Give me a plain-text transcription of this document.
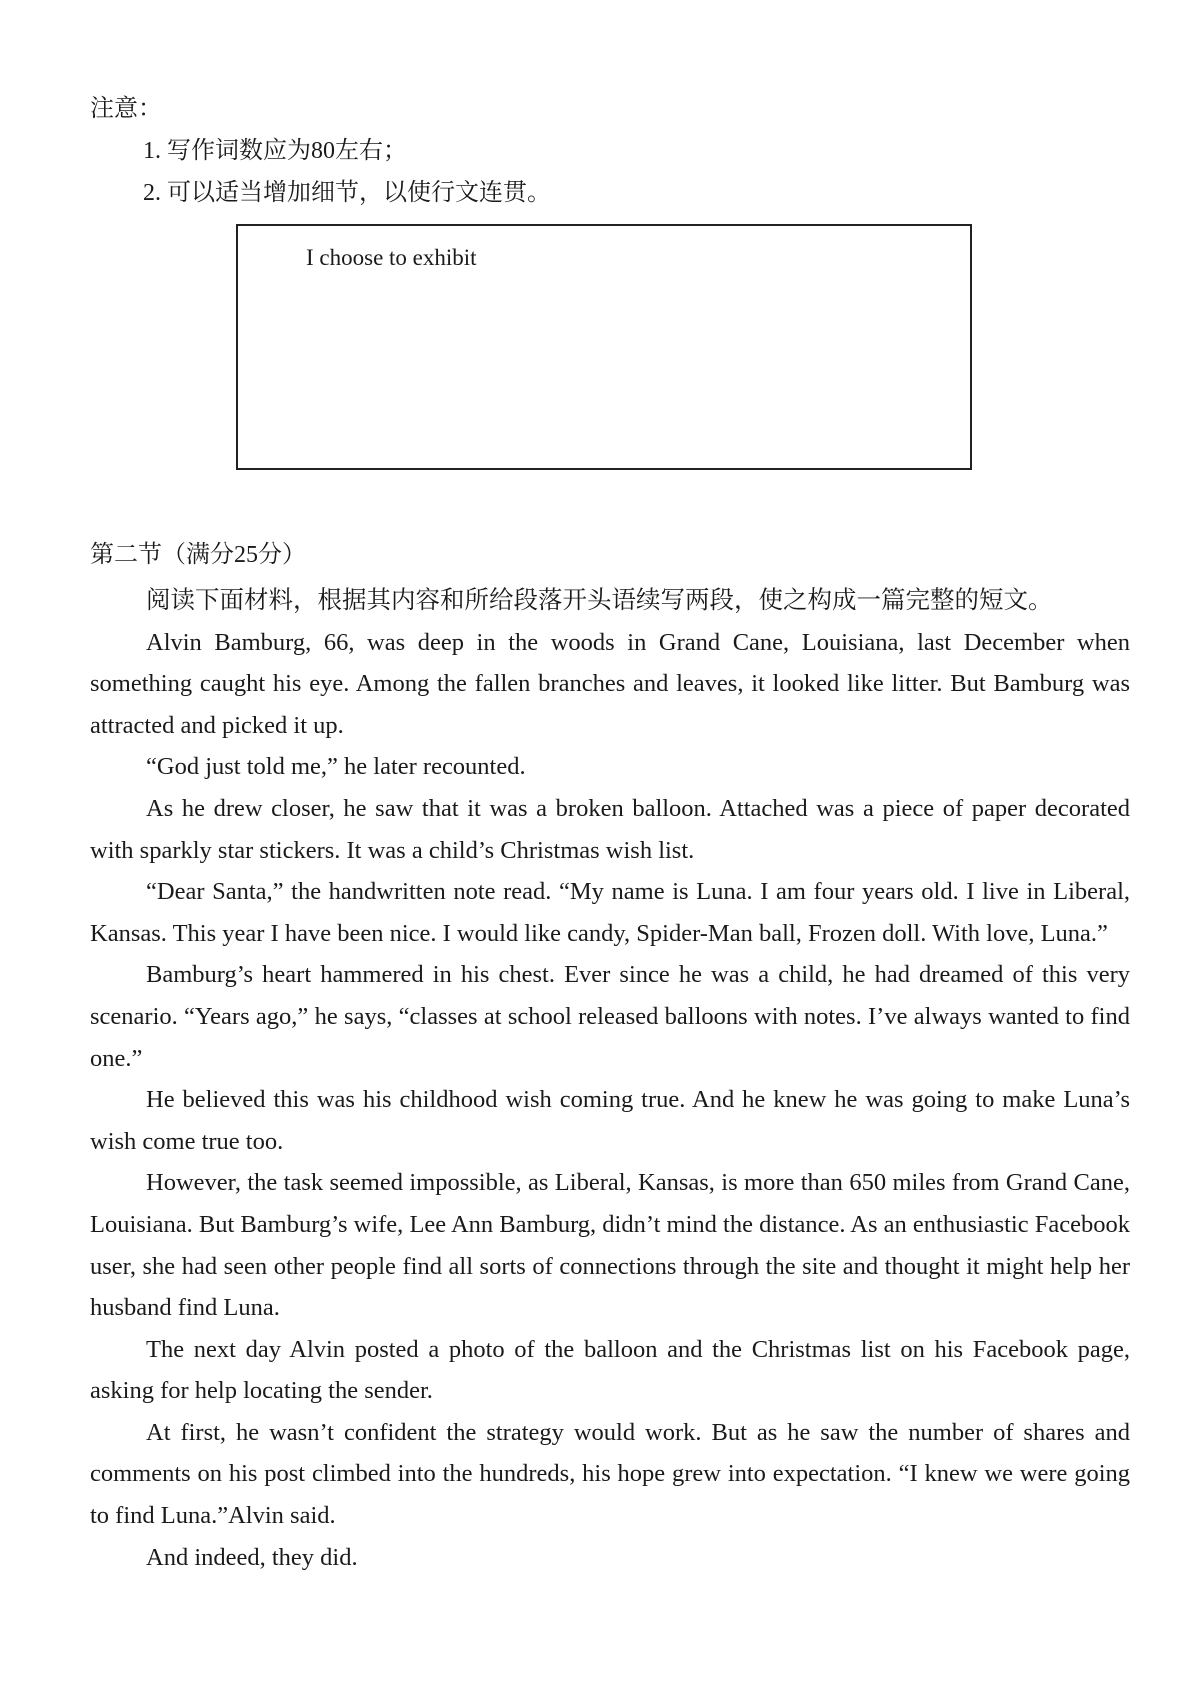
注意：
1. 写作词数应为80左右；
2. 可以适当增加细节，以使行文连贯。
I choose to exhibit
第二节（满分25分）

阅读下面材料，根据其内容和所给段落开头语续写两段，使之构成一篇完整的短文。

Alvin Bamburg, 66, was deep in the woods in Grand Cane, Louisiana, last December when something caught his eye. Among the fallen branches and leaves, it looked like litter. But Bamburg was attracted and picked it up.

“God just told me,” he later recounted.

As he drew closer, he saw that it was a broken balloon. Attached was a piece of paper decorated with sparkly star stickers. It was a child’s Christmas wish list.

“Dear Santa,” the handwritten note read. “My name is Luna. I am four years old. I live in Liberal, Kansas. This year I have been nice. I would like candy, Spider-Man ball, Frozen doll. With love, Luna.”

Bamburg’s heart hammered in his chest. Ever since he was a child, he had dreamed of this very scenario. “Years ago,” he says, “classes at school released balloons with notes. I’ve always wanted to find one.”

He believed this was his childhood wish coming true. And he knew he was going to make Luna’s wish come true too.

However, the task seemed impossible, as Liberal, Kansas, is more than 650 miles from Grand Cane, Louisiana. But Bamburg’s wife, Lee Ann Bamburg, didn’t mind the distance. As an enthusiastic Facebook user, she had seen other people find all sorts of connections through the site and thought it might help her husband find Luna.

The next day Alvin posted a photo of the balloon and the Christmas list on his Facebook page, asking for help locating the sender.

At first, he wasn’t confident the strategy would work. But as he saw the number of shares and comments on his post climbed into the hundreds, his hope grew into expectation. “I knew we were going to find Luna.”Alvin said.

And indeed, they did.
